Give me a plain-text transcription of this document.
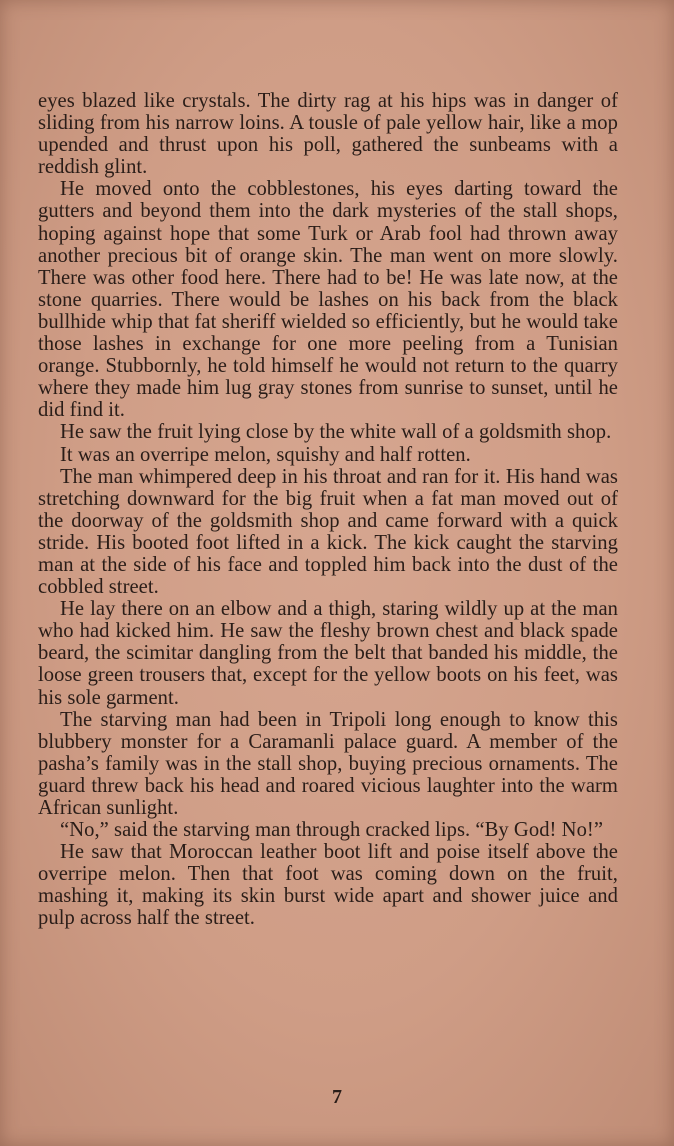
eyes blazed like crystals. The dirty rag at his hips was in danger of sliding from his narrow loins. A tousle of pale yellow hair, like a mop upended and thrust upon his poll, gathered the sunbeams with a reddish glint.

He moved onto the cobblestones, his eyes darting toward the gutters and beyond them into the dark mysteries of the stall shops, hoping against hope that some Turk or Arab fool had thrown away another precious bit of orange skin. The man went on more slowly. There was other food here. There had to be! He was late now, at the stone quarries. There would be lashes on his back from the black bullhide whip that fat sheriff wielded so efficiently, but he would take those lashes in exchange for one more peeling from a Tunisian orange. Stubbornly, he told himself he would not return to the quarry where they made him lug gray stones from sunrise to sunset, until he did find it.

He saw the fruit lying close by the white wall of a goldsmith shop.

It was an overripe melon, squishy and half rotten.

The man whimpered deep in his throat and ran for it. His hand was stretching downward for the big fruit when a fat man moved out of the doorway of the goldsmith shop and came forward with a quick stride. His booted foot lifted in a kick. The kick caught the starving man at the side of his face and toppled him back into the dust of the cobbled street.

He lay there on an elbow and a thigh, staring wildly up at the man who had kicked him. He saw the fleshy brown chest and black spade beard, the scimitar dangling from the belt that banded his middle, the loose green trousers that, except for the yellow boots on his feet, was his sole garment.

The starving man had been in Tripoli long enough to know this blubbery monster for a Caramanli palace guard. A member of the pasha’s family was in the stall shop, buying precious ornaments. The guard threw back his head and roared vicious laughter into the warm African sunlight.

“No,” said the starving man through cracked lips. “By God! No!”

He saw that Moroccan leather boot lift and poise itself above the overripe melon. Then that foot was coming down on the fruit, mashing it, making its skin burst wide apart and shower juice and pulp across half the street.

7
